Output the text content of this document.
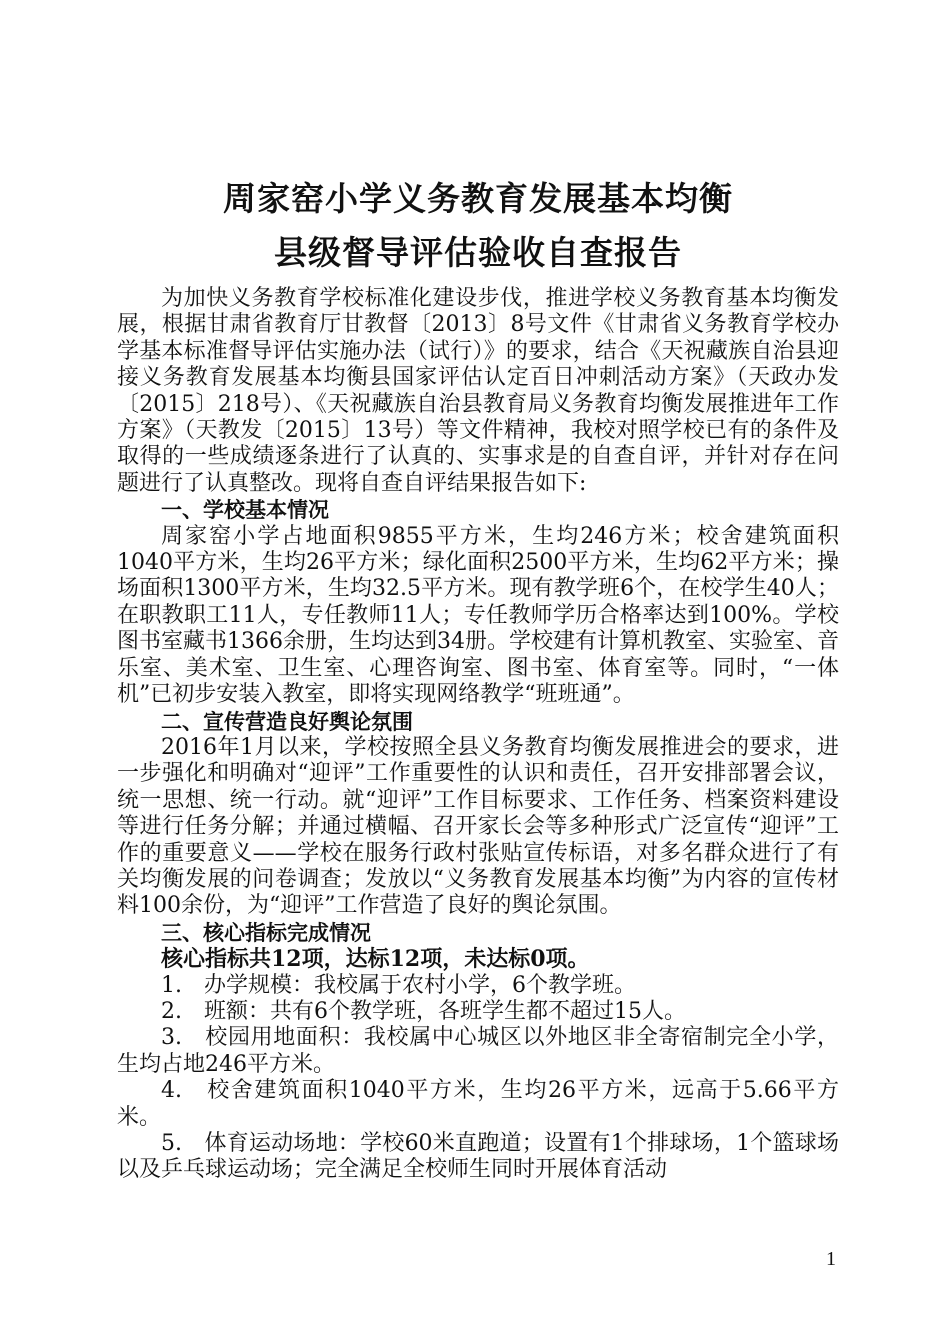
周家窑小学义务教育发展基本均衡
县级督导评估验收自查报告

为加快义务教育学校标准化建设步伐，推进学校义务教育基本均衡发展，根据甘肃省教育厅甘教督〔2013〕8号文件《甘肃省义务教育学校办学基本标准督导评估实施办法（试行）》的要求，结合《天祝藏族自治县迎接义务教育发展基本均衡县国家评估认定百日冲刺活动方案》（天政办发〔2015〕218号）、《天祝藏族自治县教育局义务教育均衡发展推进年工作方案》（天教发〔2015〕13号）等文件精神，我校对照学校已有的条件及取得的一些成绩逐条进行了认真的、实事求是的自查自评，并针对存在问题进行了认真整改。现将自查自评结果报告如下:

一、学校基本情况

周家窑小学占地面积9855平方米，生均246方米；校舍建筑面积1040平方米，生均26平方米；绿化面积2500平方米，生均62平方米；操场面积1300平方米，生均32.5平方米。现有教学班6个，在校学生40人；在职教职工11人，专任教师11人；专任教师学历合格率达到100%。学校图书室藏书1366余册，生均达到34册。学校建有计算机教室、实验室、音乐室、美术室、卫生室、心理咨询室、图书室、体育室等。同时，“一体机”已初步安装入教室，即将实现网络教学“班班通”。

二、宣传营造良好舆论氛围

2016年1月以来，学校按照全县义务教育均衡发展推进会的要求，进一步强化和明确对“迎评”工作重要性的认识和责任，召开安排部署会议，统一思想、统一行动。就“迎评”工作目标要求、工作任务、档案资料建设等进行任务分解；并通过横幅、召开家长会等多种形式广泛宣传“迎评”工作的重要意义——学校在服务行政村张贴宣传标语，对多名群众进行了有关均衡发展的问卷调查；发放以“义务教育发展基本均衡”为内容的宣传材料100余份，为“迎评”工作营造了良好的舆论氛围。

三、核心指标完成情况

核心指标共12项，达标12项，未达标0项。

1.　办学规模：我校属于农村小学，6个教学班。

2.　班额：共有6个教学班，各班学生都不超过15人。

3.　校园用地面积：我校属中心城区以外地区非全寄宿制完全小学，生均占地246平方米。

4.　校舍建筑面积1040平方米，生均26平方米，远高于5.66平方米。

5.　体育运动场地：学校60米直跑道；设置有1个排球场，1个篮球场以及乒乓球运动场；完全满足全校师生同时开展体育活动

1
